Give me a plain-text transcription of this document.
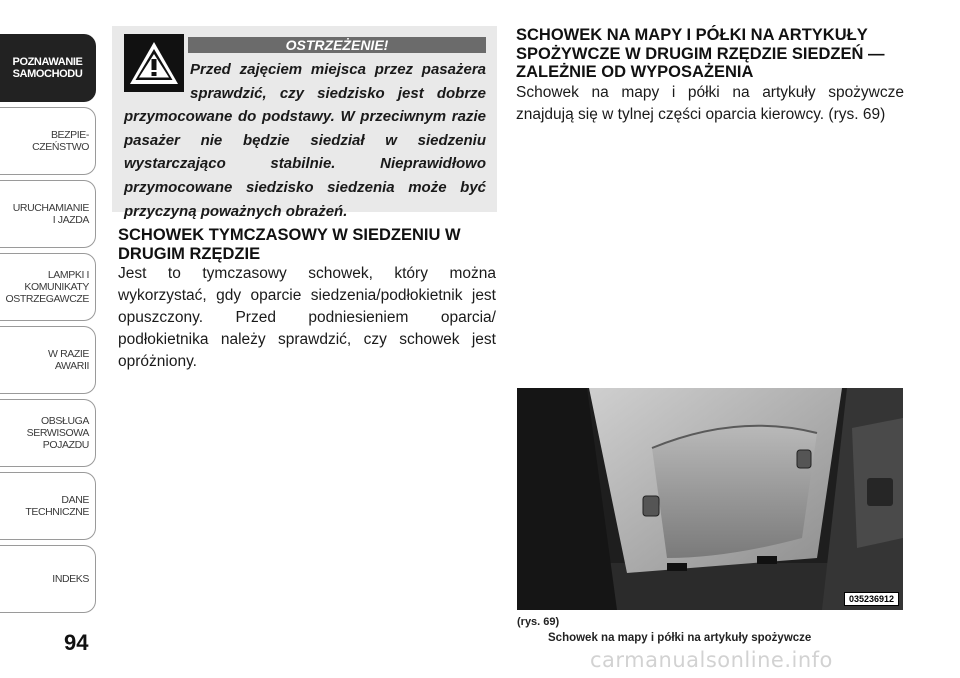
POZNAWANIE
SAMOCHODU
BEZPIE-
CZEŃSTWO
URUCHAMIANIE
I JAZDA
LAMPKI I
KOMUNIKATY
OSTRZEGAWCZE
W RAZIE
AWARII
OBSŁUGA
SERWISOWA
POJAZDU
DANE
TECHNICZNE
INDEKS
94
OSTRZEŻENIE!
Przed zajęciem miejsca przez pasażera sprawdzić, czy siedzisko jest dobrze przymocowane do podstawy. W przeciwnym razie pasażer nie będzie siedział w siedzeniu wystarczająco stabilnie. Nieprawidłowo przymocowane siedzisko siedzenia może być przyczyną poważnych obrażeń.
SCHOWEK TYMCZASOWY W SIEDZENIU W DRUGIM RZĘDZIE

Jest to tymczasowy schowek, który można wykorzystać, gdy oparcie siedzenia/podłokietnik jest opuszczony. Przed podniesieniem oparcia/ podłokietnika należy sprawdzić, czy schowek jest opróżniony.

SCHOWEK NA MAPY I PÓŁKI NA ARTYKUŁY SPOŻYWCZE W DRUGIM RZĘDZIE SIEDZEŃ — ZALEŻNIE OD WYPOSAŻENIA

Schowek na mapy i półki na artykuły spożywcze znajdują się w tylnej części oparcia kierowcy. (rys. 69)

035236912
(rys. 69)
Schowek na mapy i półki na artykuły spożywcze
carmanualsonline.info
